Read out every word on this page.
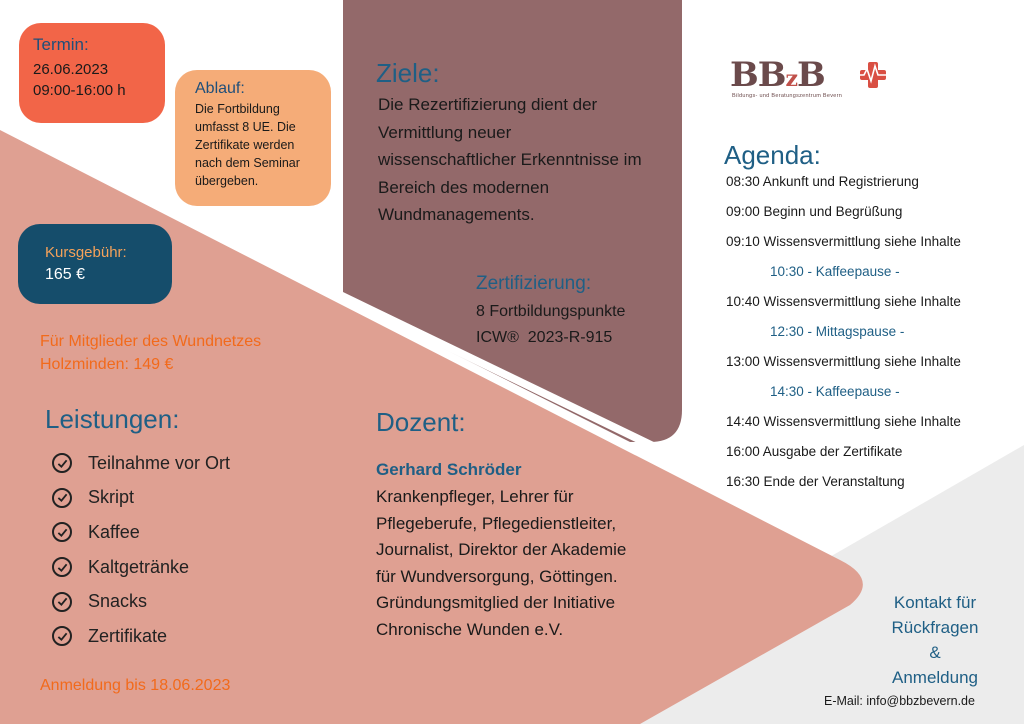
Termin:
26.06.2023
09:00-16:00 h	Ablauf:
Die Fortbildung umfasst 8 UE. Die Zertifikate werden nach dem Seminar übergeben.
Kursgebühr:
165 €
Für Mitglieder des Wundnetzes
Holzminden: 149 €
Leistungen:
Teilnahme vor Ort
Skript
Kaffee
Kaltgetränke
Snacks
Zertifikate
Anmeldung bis 18.06.2023
Ziele:
Die Rezertifizierung dient der Vermittlung neuer wissenschaftlicher Erkenntnisse im Bereich des modernen Wundmanagements.
Zertifizierung:
8 Fortbildungspunkte
ICW®  2023-R-915
Dozent:
Gerhard Schröder
Krankenpfleger, Lehrer für Pflegeberufe, Pflegedienstleiter, Journalist, Direktor der Akademie für Wundversorgung, Göttingen. Gründungsmitglied der Initiative Chronische Wunden e.V.
BBzB
Bildungs- und Beratungszentrum Bevern
Agenda:
08:30 Ankunft und Registrierung
09:00 Beginn und Begrüßung
09:10 Wissensvermittlung siehe Inhalte
10:30 - Kaffeepause -
10:40 Wissensvermittlung siehe Inhalte
12:30 - Mittagspause -
13:00 Wissensvermittlung siehe Inhalte
14:30 - Kaffeepause -
14:40 Wissensvermittlung siehe Inhalte
16:00 Ausgabe der Zertifikate
16:30 Ende der Veranstaltung
Kontakt für
Rückfragen
&
Anmeldung
E-Mail: info@bbzbevern.de
